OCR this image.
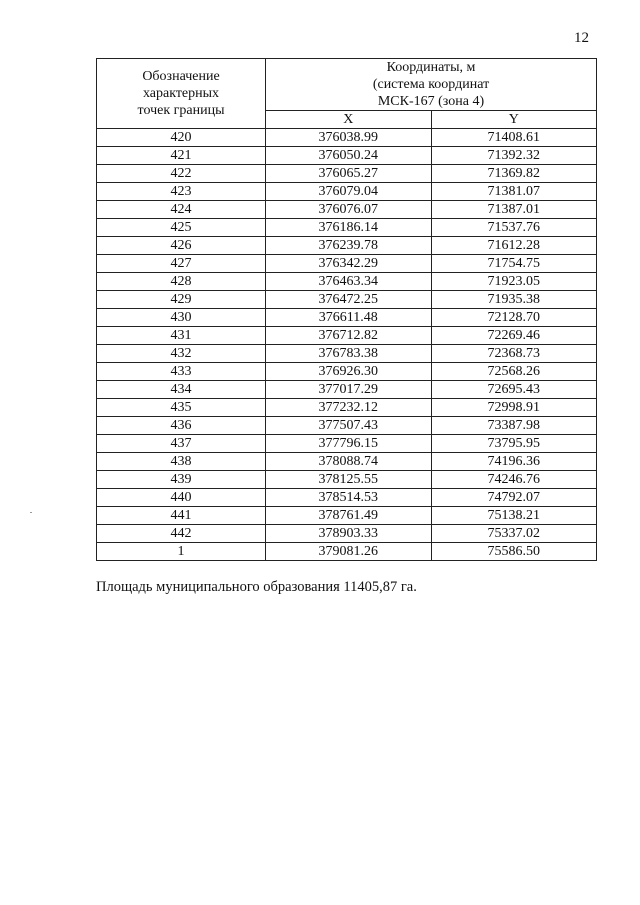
12
Обозначение
характерных
точек границы	Координаты, м
(система координат
МСК-167 (зона 4)	

	X	Y
420	376038.99	71408.61
421	376050.24	71392.32
422	376065.27	71369.82
423	376079.04	71381.07
424	376076.07	71387.01
425	376186.14	71537.76
426	376239.78	71612.28
427	376342.29	71754.75
428	376463.34	71923.05
429	376472.25	71935.38
430	376611.48	72128.70
431	376712.82	72269.46
432	376783.38	72368.73
433	376926.30	72568.26
434	377017.29	72695.43
435	377232.12	72998.91
436	377507.43	73387.98
437	377796.15	73795.95
438	378088.74	74196.36
439	378125.55	74246.76
440	378514.53	74792.07
441	378761.49	75138.21
442	378903.33	75337.02
1	379081.26	75586.50
Площадь муниципального образования 11405,87 га.
